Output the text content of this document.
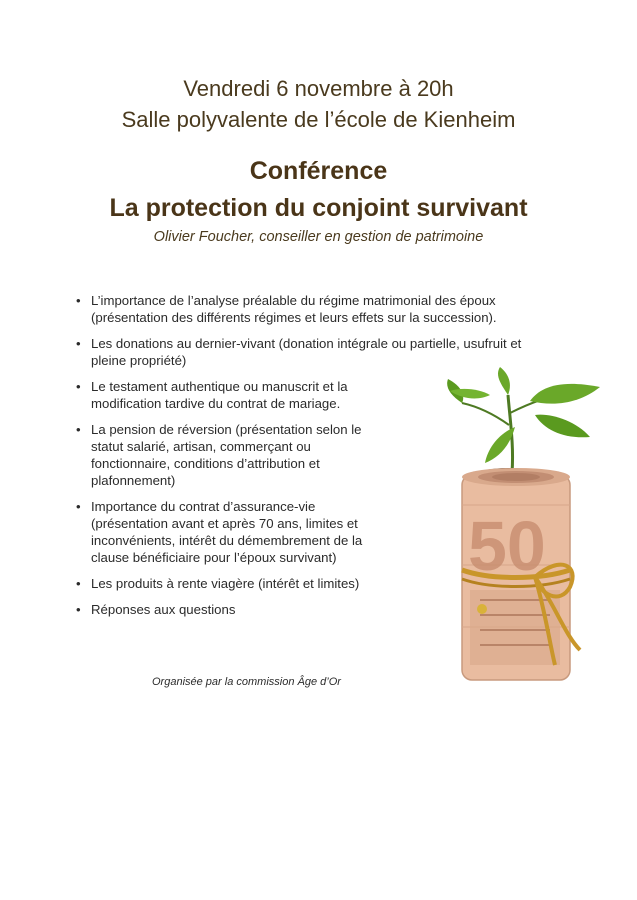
Vendredi 6 novembre à 20h
Salle polyvalente de l’école de Kienheim
Conférence
La protection du conjoint survivant
Olivier Foucher, conseiller en gestion de patrimoine
• L’importance de l’analyse préalable du régime matrimonial des époux (présentation des différents régimes et leurs effets sur la succession).
• Les donations au dernier-vivant (donation intégrale ou partielle, usufruit et pleine propriété)
• Le testament authentique ou manuscrit et la modification tardive du contrat de mariage.
• La pension de réversion (présentation selon le statut salarié, artisan, commerçant ou fonctionnaire, conditions d’attribution et plafonnement)
• Importance du contrat d’assurance-vie (présentation avant et après 70 ans, limites et inconvénients, intérêt du démembrement de la clause bénéficiaire pour l’époux survivant)
• Les produits à rente viagère (intérêt et limites)
• Réponses aux questions
50
Organisée par la commission Âge d’Or
